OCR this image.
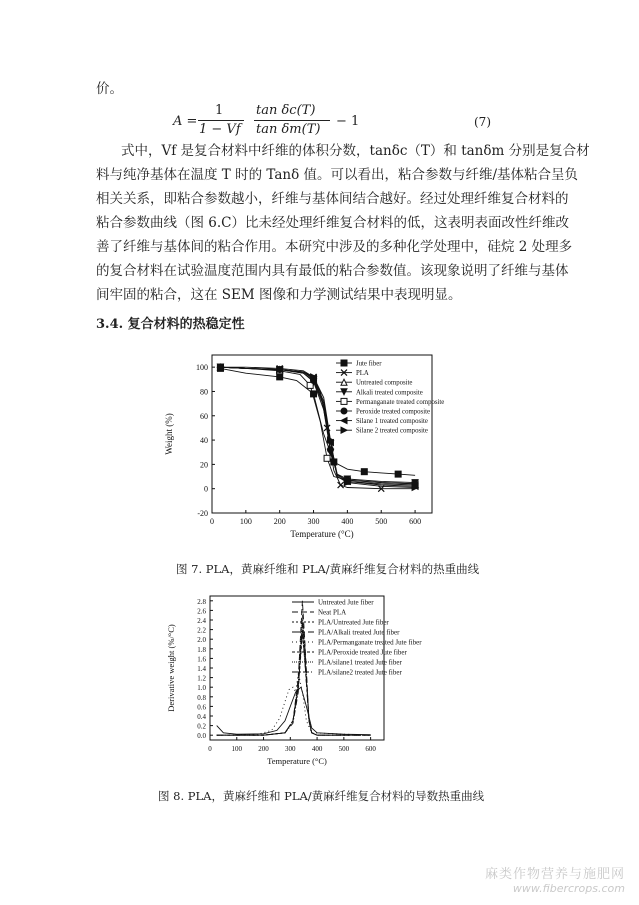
价。
A =
1
1 − Vf
tan δc(T)
tan δm(T)
− 1	(7)
式中，Vf 是复合材料中纤维的体积分数，tanδc（T）和 tanδm 分别是复合材
料与纯净基体在温度 T 时的 Tanδ 值。可以看出，粘合参数与纤维/基体粘合呈负
相关关系，即粘合参数越小，纤维与基体间结合越好。经过处理纤维复合材料的
粘合参数曲线（图 6.C）比未经处理纤维复合材料的低，这表明表面改性纤维改
善了纤维与基体间的粘合作用。本研究中涉及的多种化学处理中，硅烷 2 处理多
的复合材料在试验温度范围内具有最低的粘合参数值。该现象说明了纤维与基体
间牢固的粘合，这在 SEM 图像和力学测试结果中表现明显。
3.4. 复合材料的热稳定性
0	100	200	300	400	500	600
100
80
60
40
20
0
-20
Temperature (°C)
Weight (%)
Jute fiber
PLA
Untreated composite
Alkali treated composite
Permanganate treated composite
Peroxide treated composite
Silane 1 treated composite
Silane 2 treated composite
图 7. PLA，黄麻纤维和 PLA/黄麻纤维复合材料的热重曲线
0	100 200 300 400 500 600
2.8
2.6
2.4
2.2
2.0
1.8
1.6
1.4
1.2
1.0
0.8
0.6
0.4
0.2
0.0
Temperature (°C)
Derivative weight (%/°C)
Untreated Jute fiber
Neat PLA
PLA/Untreated Jute fiber
PLA/Alkali treated Jute fiber
PLA/Permanganate treated Jute fiber
PLA/Peroxide treated Jute fiber
PLA/silane1 treated Jute fiber
PLA/silane2 treated Jute fiber
图 8. PLA，黄麻纤维和 PLA/黄麻纤维复合材料的导数热重曲线
麻类作物营养与施肥网
www.fibercrops.com
